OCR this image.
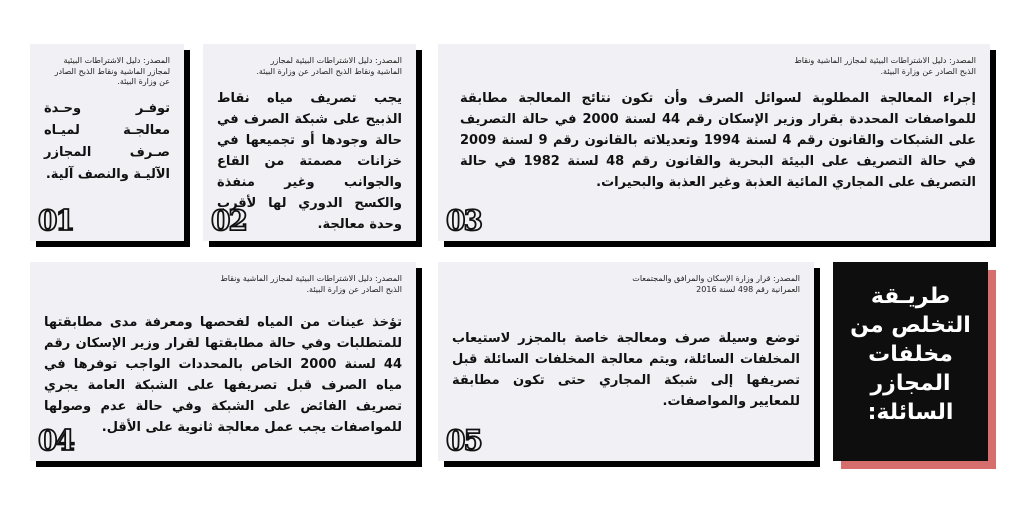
المصدر: دليل الاشتراطات البيئية لمجازر الماشية ونقاط الذبح الصادر عن وزارة البيئة.
توفـر وحـدة معالجـة لميـاه صـرف المجازر الآليـة والنصف آلية.
01
المصدر: دليل الاشتراطات البيئية لمجازر الماشية ونقاط الذبح الصادر عن وزارة البيئة.
يجب تصريف مياه نقاط الذبيح على شبكة الصرف في حالة وجودها أو تجميعها في خزانات مصمتة من القاع والجوانب وغير منفذة والكسح الدوري لها لأقرب وحدة معالجة.
02
المصدر: دليل الاشتراطات البيئية لمجازر الماشية ونقاط الذبح الصادر عن وزارة البيئة.
إجراء المعالجة المطلوبة لسوائل الصرف وأن تكون نتائج المعالجة مطابقة للمواصفات المحددة بقرار وزير الإسكان رقم 44 لسنة 2000 في حالة التصريف على الشبكات والقانون رقم 4 لسنة 1994 وتعديلاته بالقانون رقم 9 لسنة 2009 في حالة التصريف على البيئة البحرية والقانون رقم 48 لسنة 1982 في حالة التصريف على المجاري المائية العذبة وغير العذبة والبحيرات.
03
المصدر: دليل الاشتراطات البيئية لمجازر الماشية ونقاط الذبح الصادر عن وزارة البيئة.
تؤخذ عينات من المياه لفحصها ومعرفة مدى مطابقتها للمتطلبات وفي حالة مطابقتها لقرار وزير الإسكان رقم 44 لسنة 2000 الخاص بالمحددات الواجب توفرها في مياه الصرف قبل تصريفها على الشبكة العامة يجري تصريف الفائض على الشبكة وفي حالة عدم وصولها للمواصفات يجب عمل معالجة ثانوية على الأقل.
04
المصدر: قرار وزارة الإسكان والمرافق والمجتمعات العمرانية رقم 498 لسنة 2016
توضع وسيلة صرف ومعالجة خاصة بالمجزر لاستيعاب المخلفات السائلة، ويتم معالجة المخلفات السائلة قبل تصريفها إلى شبكة المجاري حتى تكون مطابقة للمعايير والمواصفات.
05
طريـقة
التخلص من
مخلفات
المجازر
السائلة:
